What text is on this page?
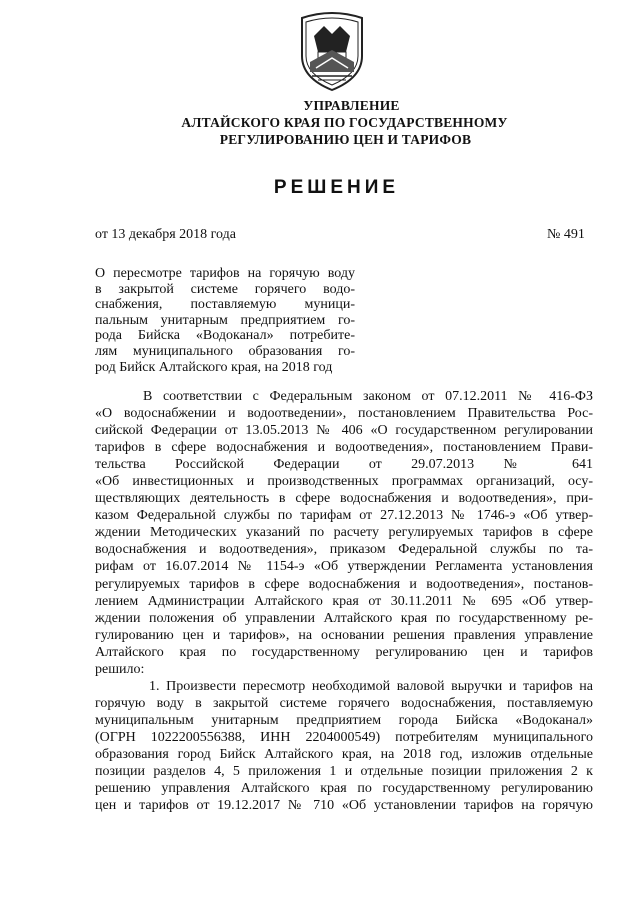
УПРАВЛЕНИЕ
АЛТАЙСКОГО КРАЯ ПО ГОСУДАРСТВЕННОМУ
РЕГУЛИРОВАНИЮ ЦЕН И ТАРИФОВ
РЕШЕНИЕ
от 13 декабря 2018 года	№ 491
О пересмотре тарифов на горячую воду
в закрытой системе горячего водо-
снабжения, поставляемую муници-
пальным унитарным предприятием го-
рода Бийска «Водоканал» потребите-
лям муниципального образования го-
род Бийск Алтайского края, на 2018 год
В соответствии с Федеральным законом от 07.12.2011 № 416-ФЗ
«О водоснабжении и водоотведении», постановлением Правительства Рос-
сийской Федерации от 13.05.2013 № 406 «О государственном регулировании
тарифов в сфере водоснабжения и водоотведения», постановлением Прави-
тельства Российской Федерации от 29.07.2013 № 641
«Об инвестиционных и производственных программах организаций, осу-
ществляющих деятельность в сфере водоснабжения и водоотведения», при-
казом Федеральной службы по тарифам от 27.12.2013 № 1746-э «Об утвер-
ждении Методических указаний по расчету регулируемых тарифов в сфере
водоснабжения и водоотведения», приказом Федеральной службы по та-
рифам от 16.07.2014 № 1154-э «Об утверждении Регламента установления
регулируемых тарифов в сфере водоснабжения и водоотведения», постанов-
лением Администрации Алтайского края от 30.11.2011 № 695 «Об утвер-
ждении положения об управлении Алтайского края по государственному ре-
гулированию цен и тарифов», на основании решения правления управление
Алтайского края по государственному регулированию цен и тарифов
решило:
1. Произвести пересмотр необходимой валовой выручки и тарифов на
горячую воду в закрытой системе горячего водоснабжения, поставляемую
муниципальным унитарным предприятием города Бийска «Водоканал»
(ОГРН 1022200556388, ИНН 2204000549) потребителям муниципального
образования город Бийск Алтайского края, на 2018 год, изложив отдельные
позиции разделов 4, 5 приложения 1 и отдельные позиции приложения 2 к
решению управления Алтайского края по государственному регулированию
цен и тарифов от 19.12.2017 № 710 «Об установлении тарифов на горячую
